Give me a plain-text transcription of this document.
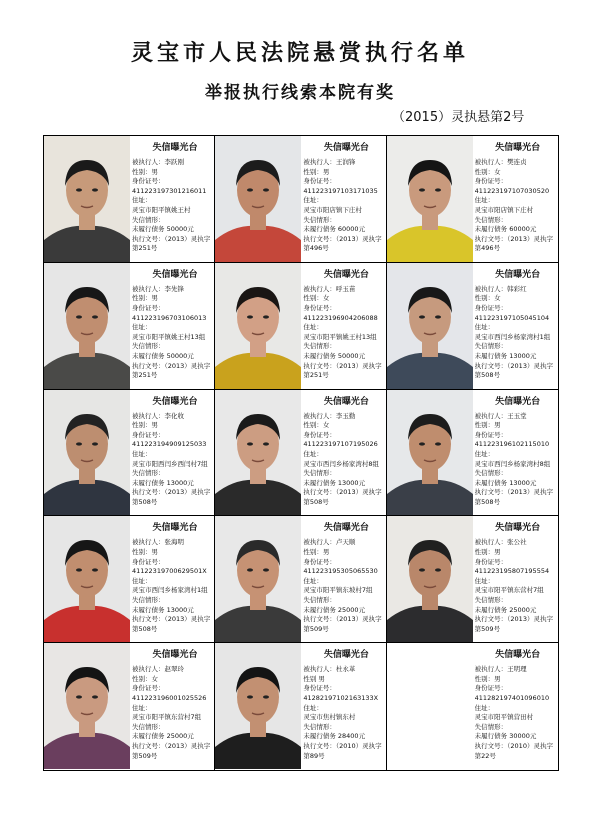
灵宝市人民法院悬赏执行名单
举报执行线索本院有奖
（2015）灵执悬第2号
失信曝光台
被执行人：李跃刚
性别：男
身份证号：
411223197301216011
住址：
灵宝市阳平镇姚王村
失信情形：
未履行债务 50000元
执行文号：（2013）灵执字第251号
失信曝光台
被执行人：王润锋
性别：男
身份证号：
411223197103171035
住址：
灵宝市阳店镇下庄村
失信情形：
未履行债务 60000元
执行文号：（2013）灵执字第496号
失信曝光台
被执行人：樊连贞
性别：女
身份证号：
411223197107030520
住址：
灵宝市阳店镇下庄村
失信情形：
未履行债务 60000元
执行文号：（2013）灵执字第496号
失信曝光台
被执行人：李先锋
性别：男
身份证号：
411223196703106013
住址：
灵宝市阳平镇姚王村13组
失信情形：
未履行债务 50000元
执行文号：（2013）灵执字第251号
失信曝光台
被执行人：呼玉苗
性别：女
身份证号：
411223196904206088
住址：
灵宝市阳平镇姚王村13组
失信情形：
未履行债务 50000元
执行文号：（2013）灵执字第251号
失信曝光台
被执行人：韩彩红
性别：女
身份证号：
411223197105045104
住址：
灵宝市西闫乡杨家湾村1组
失信情形：
未履行债务 13000元
执行文号：（2013）灵执字第508号
失信曝光台
被执行人：李化收
性别：男
身份证号：
411223194909125033
住址：
灵宝市阳西闫乡西闫村7组
失信情形：
未履行债务 13000元
执行文号：（2013）灵执字第508号
失信曝光台
被执行人：李玉勤
性别：女
身份证号：
411223197107195026
住址：
灵宝市西闫乡杨家湾村8组
失信情形：
未履行债务 13000元
执行文号：（2013）灵执字第508号
失信曝光台
被执行人：王玉堂
性别：男
身份证号：
411223196102115010
住址：
灵宝市西闫乡杨家湾村8组
失信情形：
未履行债务 13000元
执行文号：（2013）灵执字第508号
失信曝光台
被执行人：张海明
性别：男
身份证号：
41122319700629501X
住址：
灵宝市西闫乡杨家湾村1组
失信情形：
未履行债务 13000元
执行文号：（2013）灵执字第508号
失信曝光台
被执行人：卢天顺
性别：男
身份证号：
411223195305065530
住址：
灵宝市阳平镇东坡村7组
失信情形：
未履行债务 25000元
执行文号：（2013）灵执字第509号
失信曝光台
被执行人：张公社
性别：男
身份证号：
411223195807195554
住址：
灵宝市阳平镇东营村7组
失信情形：
未履行债务 25000元
执行文号：（2013）灵执字第509号
失信曝光台
被执行人：赵翠玲
性别：女
身份证号：
411223196001025526
住址：
灵宝市阳平镇东营村7组
失信情形：
未履行债务 25000元
执行文号：（2013）灵执字第509号
失信曝光台
被执行人：杜永革
性别 男
身份证号：
41282197102163133X
住址：
灵宝市焦村镇东村
失信情形：
未履行债务 28400元
执行文号：（2010）灵执字第89号
失信曝光台
被执行人：王明理
性别：男
身份证号：
411282197401096010
住址：
灵宝市阳平镇营田村
失信情形：
未履行债务 30000元
执行文号：（2010）灵执字第22号
